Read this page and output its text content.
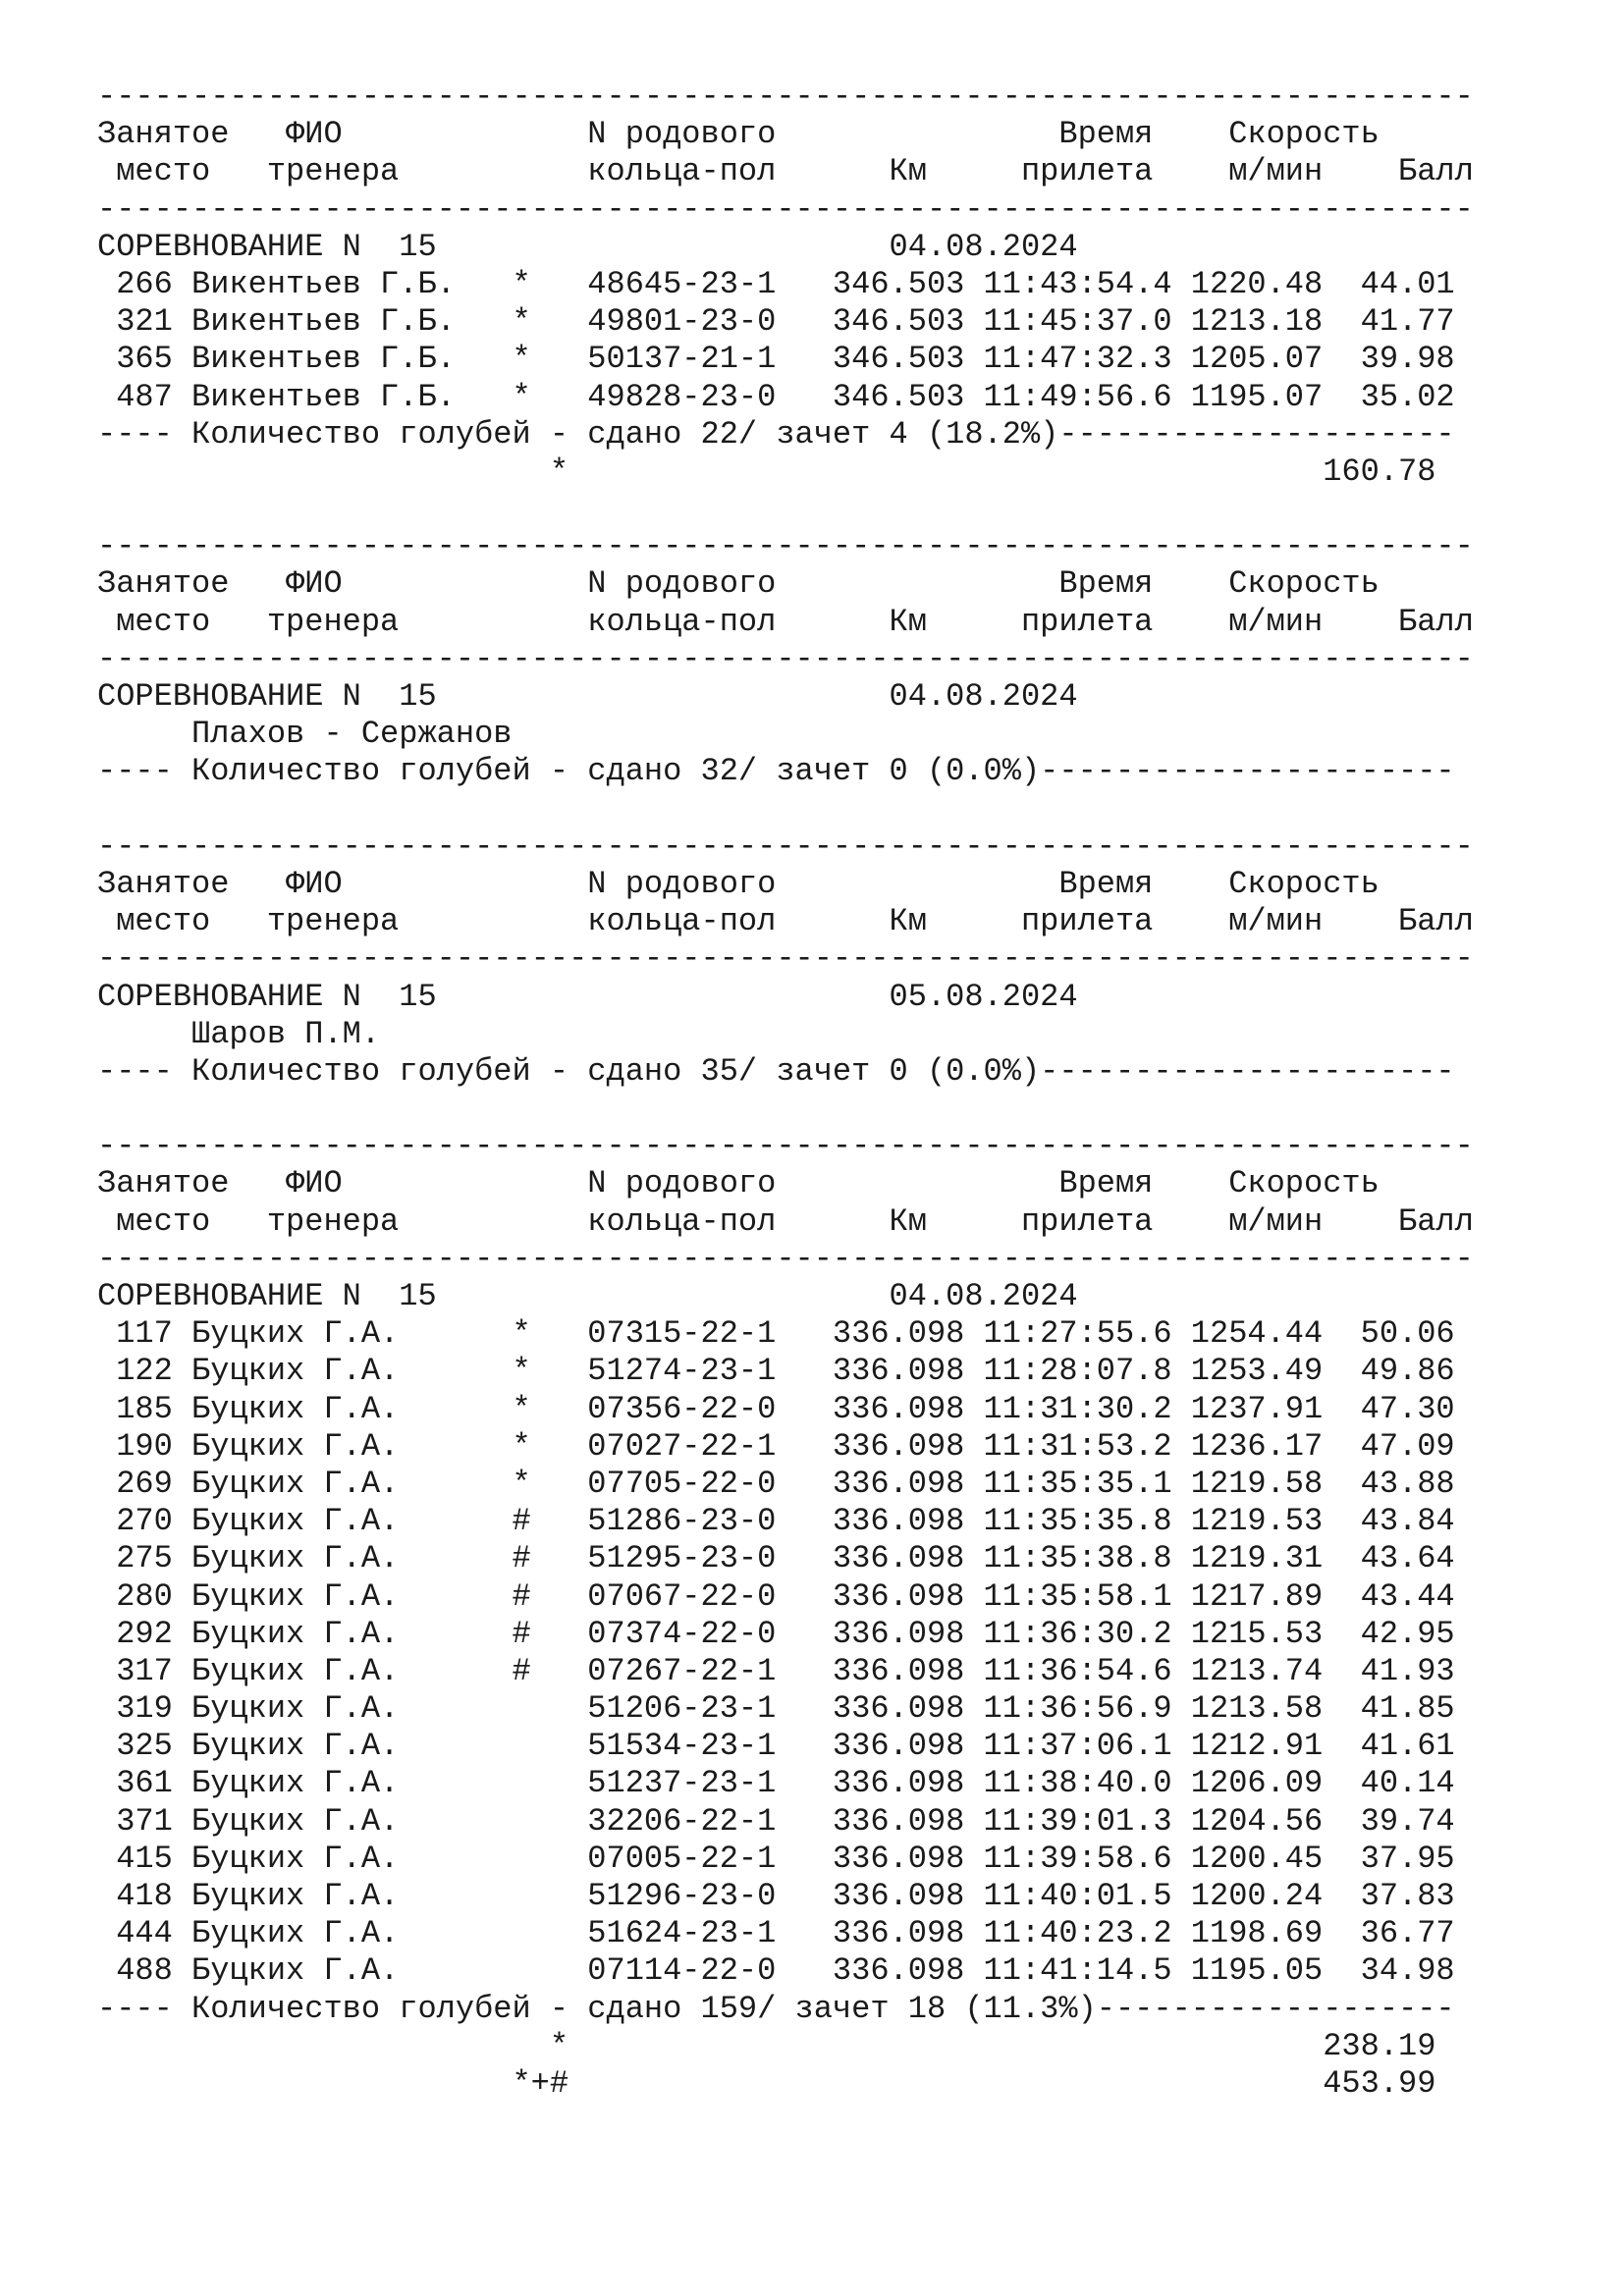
-------------------------------------------------------------------------
Занятое   ФИО             N родового               Время    Скорость
место   тренера          кольца-пол      Км     прилета    м/мин    Балл
-------------------------------------------------------------------------
СОРЕВНОВАНИЕ N  15                        04.08.2024
266 Викентьев Г.Б.   *   48645-23-1   346.503 11:43:54.4 1220.48  44.01
321 Викентьев Г.Б.   *   49801-23-0   346.503 11:45:37.0 1213.18  41.77
365 Викентьев Г.Б.   *   50137-21-1   346.503 11:47:32.3 1205.07  39.98
487 Викентьев Г.Б.   *   49828-23-0   346.503 11:49:56.6 1195.07  35.02
---- Количество голубей - сдано 22/ зачет 4 (18.2%)---------------------
*                                        160.78
-------------------------------------------------------------------------
Занятое   ФИО             N родового               Время    Скорость
место   тренера          кольца-пол      Км     прилета    м/мин    Балл
-------------------------------------------------------------------------
СОРЕВНОВАНИЕ N  15                        04.08.2024
Плахов - Сержанов
---- Количество голубей - сдано 32/ зачет 0 (0.0%)----------------------
-------------------------------------------------------------------------
Занятое   ФИО             N родового               Время    Скорость
место   тренера          кольца-пол      Км     прилета    м/мин    Балл
-------------------------------------------------------------------------
СОРЕВНОВАНИЕ N  15                        05.08.2024
Шаров П.М.
---- Количество голубей - сдано 35/ зачет 0 (0.0%)----------------------
-------------------------------------------------------------------------
Занятое   ФИО             N родового               Время    Скорость
место   тренера          кольца-пол      Км     прилета    м/мин    Балл
-------------------------------------------------------------------------
СОРЕВНОВАНИЕ N  15                        04.08.2024
117 Буцких Г.А.      *   07315-22-1   336.098 11:27:55.6 1254.44  50.06
122 Буцких Г.А.      *   51274-23-1   336.098 11:28:07.8 1253.49  49.86
185 Буцких Г.А.      *   07356-22-0   336.098 11:31:30.2 1237.91  47.30
190 Буцких Г.А.      *   07027-22-1   336.098 11:31:53.2 1236.17  47.09
269 Буцких Г.А.      *   07705-22-0   336.098 11:35:35.1 1219.58  43.88
270 Буцких Г.А.      #   51286-23-0   336.098 11:35:35.8 1219.53  43.84
275 Буцких Г.А.      #   51295-23-0   336.098 11:35:38.8 1219.31  43.64
280 Буцких Г.А.      #   07067-22-0   336.098 11:35:58.1 1217.89  43.44
292 Буцких Г.А.      #   07374-22-0   336.098 11:36:30.2 1215.53  42.95
317 Буцких Г.А.      #   07267-22-1   336.098 11:36:54.6 1213.74  41.93
319 Буцких Г.А.          51206-23-1   336.098 11:36:56.9 1213.58  41.85
325 Буцких Г.А.          51534-23-1   336.098 11:37:06.1 1212.91  41.61
361 Буцких Г.А.          51237-23-1   336.098 11:38:40.0 1206.09  40.14
371 Буцких Г.А.          32206-22-1   336.098 11:39:01.3 1204.56  39.74
415 Буцких Г.А.          07005-22-1   336.098 11:39:58.6 1200.45  37.95
418 Буцких Г.А.          51296-23-0   336.098 11:40:01.5 1200.24  37.83
444 Буцких Г.А.          51624-23-1   336.098 11:40:23.2 1198.69  36.77
488 Буцких Г.А.          07114-22-0   336.098 11:41:14.5 1195.05  34.98
---- Количество голубей - сдано 159/ зачет 18 (11.3%)-------------------
*                                        238.19
*+#                                        453.99
